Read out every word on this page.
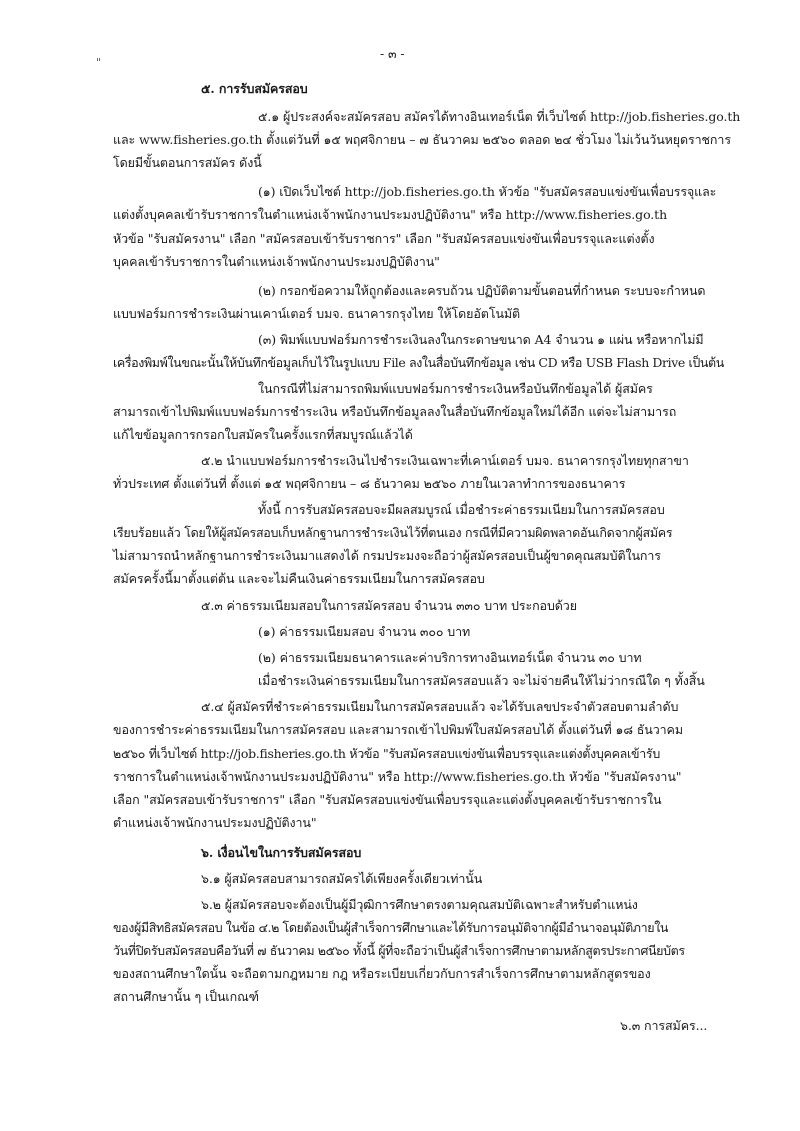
"
- ๓ -
๕. การรับสมัครสอบ
๕.๑ ผู้ประสงค์จะสมัครสอบ สมัครได้ทางอินเทอร์เน็ต ที่เว็บไซต์ http://job.fisheries.go.th
และ www.fisheries.go.th ตั้งแต่วันที่ ๑๕ พฤศจิกายน – ๗ ธันวาคม ๒๕๖๐ ตลอด ๒๔ ชั่วโมง ไม่เว้นวันหยุดราชการ
โดยมีขั้นตอนการสมัคร ดังนี้
(๑) เปิดเว็บไซต์ http://job.fisheries.go.th หัวข้อ "รับสมัครสอบแข่งขันเพื่อบรรจุและ
แต่งตั้งบุคคลเข้ารับราชการในตำแหน่งเจ้าพนักงานประมงปฏิบัติงาน" หรือ http://www.fisheries.go.th
หัวข้อ "รับสมัครงาน" เลือก "สมัครสอบเข้ารับราชการ" เลือก "รับสมัครสอบแข่งขันเพื่อบรรจุและแต่งตั้ง
บุคคลเข้ารับราชการในตำแหน่งเจ้าพนักงานประมงปฏิบัติงาน"
(๒) กรอกข้อความให้ถูกต้องและครบถ้วน ปฏิบัติตามขั้นตอนที่กำหนด ระบบจะกำหนด
แบบฟอร์มการชำระเงินผ่านเคาน์เตอร์ บมจ. ธนาคารกรุงไทย ให้โดยอัตโนมัติ
(๓) พิมพ์แบบฟอร์มการชำระเงินลงในกระดาษขนาด A4 จำนวน ๑ แผ่น หรือหากไม่มี
เครื่องพิมพ์ในขณะนั้นให้บันทึกข้อมูลเก็บไว้ในรูปแบบ File ลงในสื่อบันทึกข้อมูล เช่น CD หรือ USB Flash Drive เป็นต้น
ในกรณีที่ไม่สามารถพิมพ์แบบฟอร์มการชำระเงินหรือบันทึกข้อมูลได้ ผู้สมัคร
สามารถเข้าไปพิมพ์แบบฟอร์มการชำระเงิน หรือบันทึกข้อมูลลงในสื่อบันทึกข้อมูลใหม่ได้อีก แต่จะไม่สามารถ
แก้ไขข้อมูลการกรอกใบสมัครในครั้งแรกที่สมบูรณ์แล้วได้
๕.๒ นำแบบฟอร์มการชำระเงินไปชำระเงินเฉพาะที่เคาน์เตอร์ บมจ. ธนาคารกรุงไทยทุกสาขา
ทั่วประเทศ ตั้งแต่วันที่ ตั้งแต่ ๑๕ พฤศจิกายน – ๘ ธันวาคม ๒๕๖๐ ภายในเวลาทำการของธนาคาร
ทั้งนี้ การรับสมัครสอบจะมีผลสมบูรณ์ เมื่อชำระค่าธรรมเนียมในการสมัครสอบ
เรียบร้อยแล้ว โดยให้ผู้สมัครสอบเก็บหลักฐานการชำระเงินไว้ที่ตนเอง กรณีที่มีความผิดพลาดอันเกิดจากผู้สมัคร
ไม่สามารถนำหลักฐานการชำระเงินมาแสดงได้ กรมประมงจะถือว่าผู้สมัครสอบเป็นผู้ขาดคุณสมบัติในการ
สมัครครั้งนี้มาตั้งแต่ต้น และจะไม่คืนเงินค่าธรรมเนียมในการสมัครสอบ
๕.๓ ค่าธรรมเนียมสอบในการสมัครสอบ จำนวน ๓๓๐ บาท ประกอบด้วย
(๑) ค่าธรรมเนียมสอบ จำนวน ๓๐๐ บาท
(๒) ค่าธรรมเนียมธนาคารและค่าบริการทางอินเทอร์เน็ต จำนวน ๓๐ บาท
เมื่อชำระเงินค่าธรรมเนียมในการสมัครสอบแล้ว จะไม่จ่ายคืนให้ไม่ว่ากรณีใด ๆ ทั้งสิ้น
๕.๔ ผู้สมัครที่ชำระค่าธรรมเนียมในการสมัครสอบแล้ว จะได้รับเลขประจำตัวสอบตามลำดับ
ของการชำระค่าธรรมเนียมในการสมัครสอบ และสามารถเข้าไปพิมพ์ใบสมัครสอบได้ ตั้งแต่วันที่ ๑๘ ธันวาคม
๒๕๖๐ ที่เว็บไซต์ http://job.fisheries.go.th หัวข้อ "รับสมัครสอบแข่งขันเพื่อบรรจุและแต่งตั้งบุคคลเข้ารับ
ราชการในตำแหน่งเจ้าพนักงานประมงปฏิบัติงาน" หรือ http://www.fisheries.go.th หัวข้อ "รับสมัครงาน"
เลือก "สมัครสอบเข้ารับราชการ" เลือก "รับสมัครสอบแข่งขันเพื่อบรรจุและแต่งตั้งบุคคลเข้ารับราชการใน
ตำแหน่งเจ้าพนักงานประมงปฏิบัติงาน"
๖. เงื่อนไขในการรับสมัครสอบ
๖.๑ ผู้สมัครสอบสามารถสมัครได้เพียงครั้งเดียวเท่านั้น
๖.๒ ผู้สมัครสอบจะต้องเป็นผู้มีวุฒิการศึกษาตรงตามคุณสมบัติเฉพาะสำหรับตำแหน่ง
ของผู้มีสิทธิสมัครสอบ ในข้อ ๔.๒ โดยต้องเป็นผู้สำเร็จการศึกษาและได้รับการอนุมัติจากผู้มีอำนาจอนุมัติภายใน
วันที่ปิดรับสมัครสอบคือวันที่ ๗ ธันวาคม ๒๕๖๐ ทั้งนี้ ผู้ที่จะถือว่าเป็นผู้สำเร็จการศึกษาตามหลักสูตรประกาศนียบัตร
ของสถานศึกษาใดนั้น จะถือตามกฎหมาย กฎ หรือระเบียบเกี่ยวกับการสำเร็จการศึกษาตามหลักสูตรของ
สถานศึกษานั้น ๆ เป็นเกณฑ์
๖.๓ การสมัคร...
